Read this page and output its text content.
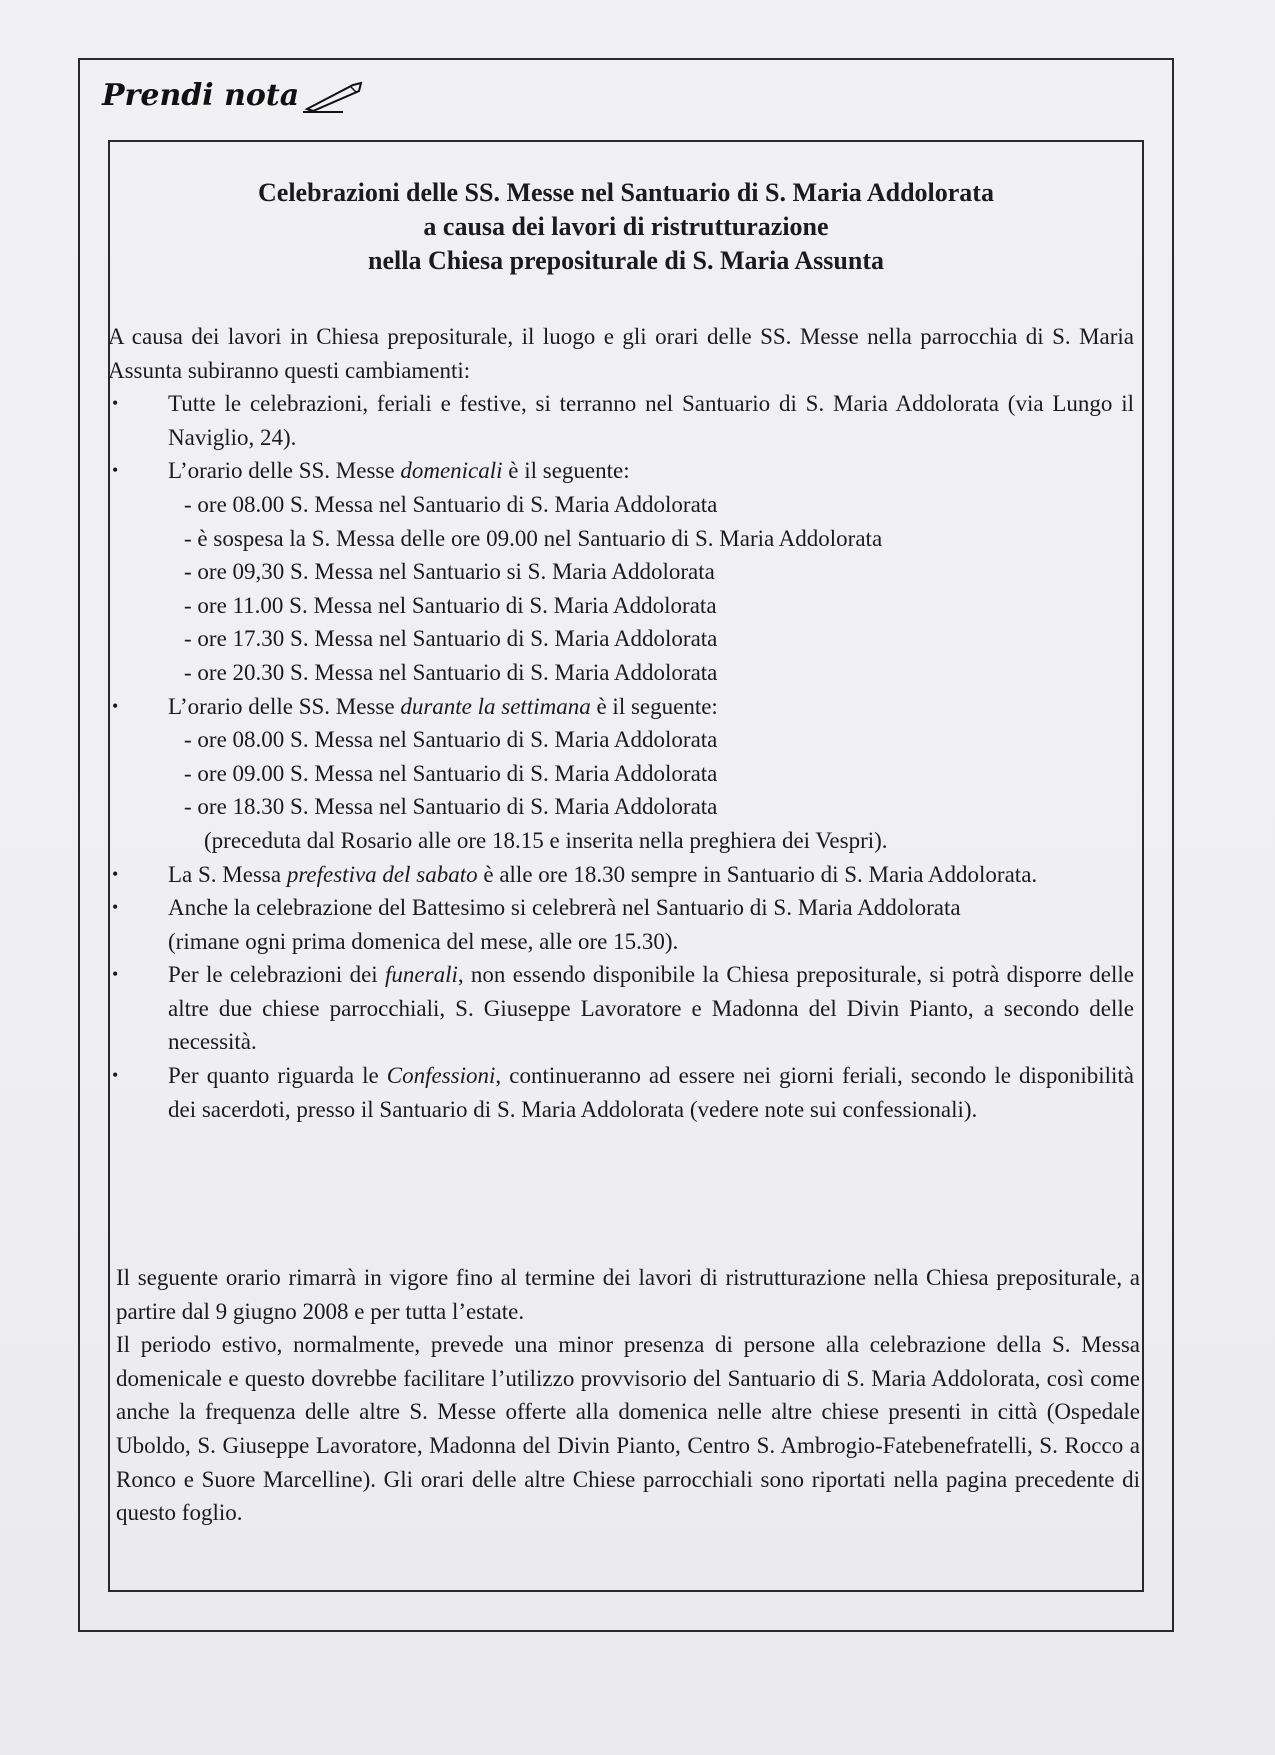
Prendi nota
Celebrazioni delle SS. Messe nel Santuario di S. Maria Addolorata
a causa dei lavori di ristrutturazione
nella Chiesa prepositurale di S. Maria Assunta

A causa dei lavori in Chiesa prepositurale, il luogo e gli orari delle SS. Messe nella parrocchia di S. Maria Assunta subiranno questi cambiamenti:

• Tutte le celebrazioni, feriali e festive, si terranno nel Santuario di S. Maria Addolorata (via Lungo il Naviglio, 24).

• L’orario delle SS. Messe domenicali è il seguente:

- ore 08.00 S. Messa nel Santuario di S. Maria Addolorata

- è sospesa la S. Messa delle ore 09.00 nel Santuario di S. Maria Addolorata

- ore 09,30 S. Messa nel Santuario si S. Maria Addolorata

- ore 11.00 S. Messa nel Santuario di S. Maria Addolorata

- ore 17.30 S. Messa nel Santuario di S. Maria Addolorata

- ore 20.30 S. Messa nel Santuario di S. Maria Addolorata

• L’orario delle SS. Messe durante la settimana è il seguente:

- ore 08.00 S. Messa nel Santuario di S. Maria Addolorata

- ore 09.00 S. Messa nel Santuario di S. Maria Addolorata

- ore 18.30 S. Messa nel Santuario di S. Maria Addolorata

(preceduta dal Rosario alle ore 18.15 e inserita nella preghiera dei Vespri).

• La S. Messa prefestiva del sabato è alle ore 18.30 sempre in Santuario di S. Maria Addolorata.

• Anche la celebrazione del Battesimo si celebrerà nel Santuario di S. Maria Addolorata
(rimane ogni prima domenica del mese, alle ore 15.30).

• Per le celebrazioni dei funerali, non essendo disponibile la Chiesa prepositurale, si potrà disporre delle altre due chiese parrocchiali, S. Giuseppe Lavoratore e Madonna del Divin Pianto, a secondo delle necessità.

• Per quanto riguarda le Confessioni, continueranno ad essere nei giorni feriali, secondo le disponibilità dei sacerdoti, presso il Santuario di S. Maria Addolorata (vedere note sui confessionali).

Il seguente orario rimarrà in vigore fino al termine dei lavori di ristrutturazione nella Chiesa prepositurale, a partire dal 9 giugno 2008 e per tutta l’estate.

Il periodo estivo, normalmente, prevede una minor presenza di persone alla celebrazione della S. Messa domenicale e questo dovrebbe facilitare l’utilizzo provvisorio del Santuario di S. Maria Addolorata, così come anche la frequenza delle altre S. Messe offerte alla domenica nelle altre chiese presenti in città (Ospedale Uboldo, S. Giuseppe Lavoratore, Madonna del Divin Pianto, Centro S. Ambrogio-Fatebenefratelli, S. Rocco a Ronco e Suore Marcelline). Gli orari delle altre Chiese parrocchiali sono riportati nella pagina precedente di questo foglio.
